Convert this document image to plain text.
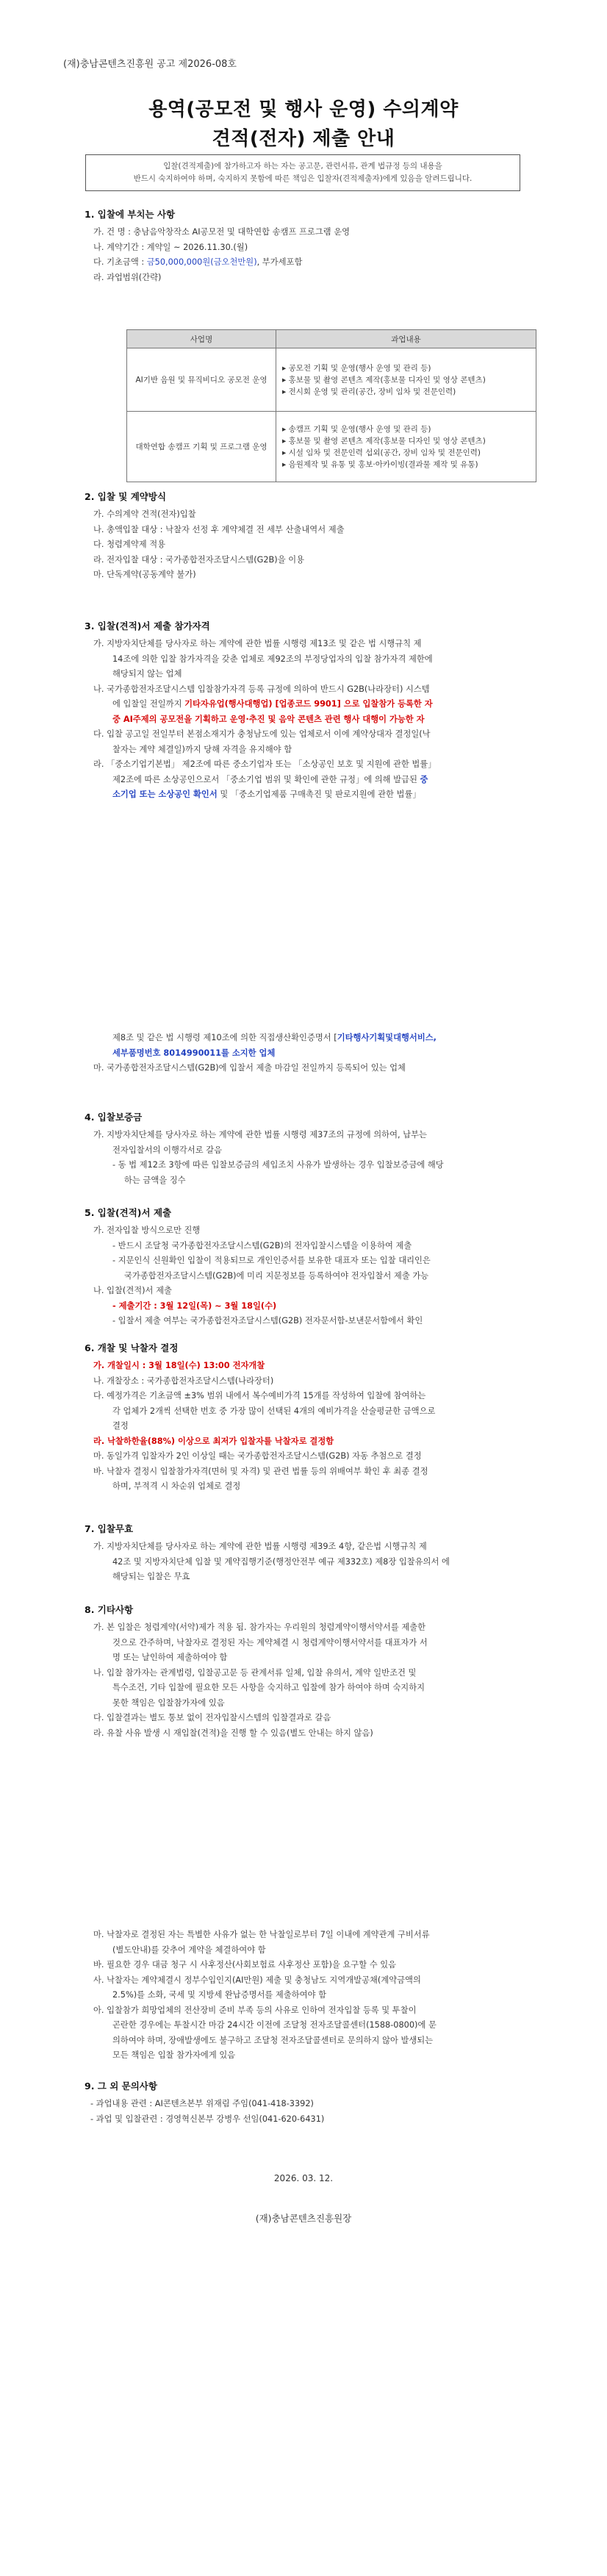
(재)충남콘텐츠진흥원 공고 제2026-08호
용역(공모전 및 행사 운영) 수의계약
견적(전자) 제출 안내
입찰(견적제출)에 참가하고자 하는 자는 공고문, 관련서류, 관계 법규정 등의 내용을
반드시 숙지하여야 하며, 숙지하지 못함에 따른 책임은 입찰자(견적제출자)에게 있음을 알려드립니다.
1. 입찰에 부치는 사항
가. 건 명 : 충남음악창작소 AI공모전 및 대학연합 송캠프 프로그램 운영
나. 계약기간 : 계약일 ~ 2026.11.30.(월)
다. 기초금액 : 금50,000,000원(금오천만원), 부가세포함
라. 과업범위(간략)
사업명	과업내용
AI기반 음원 및 뮤직비디오 공모전 운영	▸ 공모전 기획 및 운영(행사 운영 및 관리 등)
▸ 홍보물 및 촬영 콘텐츠 제작(홍보물 디자인 및 영상 콘텐츠)
▸ 전시회 운영 및 관리(공간, 장비 임차 및 전문인력)

대학연합 송캠프 기획 및 프로그램 운영	▸ 송캠프 기획 및 운영(행사 운영 및 관리 등)
▸ 홍보물 및 촬영 콘텐츠 제작(홍보물 디자인 및 영상 콘텐츠)
▸ 시설 임차 및 전문인력 섭외(공간, 장비 임차 및 전문인력)
▸ 음원제작 및 유통 및 홍보·아카이빙(결과물 제작 및 유통)
2. 입찰 및 계약방식
가. 수의계약 견적(전자)입찰
나. 총액입찰 대상 : 낙찰자 선정 후 계약체결 전 세부 산출내역서 제출
다. 청렴계약제 적용
라. 전자입찰 대상 : 국가종합전자조달시스템(G2B)을 이용
마. 단독계약(공동계약 불가)
3. 입찰(견적)서 제출 참가자격
가. 지방자치단체를 당사자로 하는 계약에 관한 법률 시행령 제13조 및 같은 법 시행규칙 제
14조에 의한 입찰 참가자격을 갖춘 업체로 제92조의 부정당업자의 입찰 참가자격 제한에
해당되지 않는 업체
나. 국가종합전자조달시스템 입찰참가자격 등록 규정에 의하여 반드시 G2B(나라장터) 시스템
에 입찰일 전일까지 기타자유업(행사대행업) [업종코드 9901] 으로 입찰참가 등록한 자
중 AI주제의 공모전을 기획하고 운영·추진 및 음악 콘텐츠 관련 행사 대행이 가능한 자
다. 입찰 공고일 전일부터 본점소재지가 충청남도에 있는 업체로서 이에 계약상대자 결정일(낙
찰자는 계약 체결일)까지 당해 자격을 유지해야 함
라. 「중소기업기본법」 제2조에 따른 중소기업자 또는 「소상공인 보호 및 지원에 관한 법률」
제2조에 따른 소상공인으로서 「중소기업 범위 및 확인에 관한 규정」에 의해 발급된 중
소기업 또는 소상공인 확인서 및 「중소기업제품 구매촉진 및 판로지원에 관한 법률」
제8조 및 같은 법 시행령 제10조에 의한 직접생산확인증명서 [기타행사기획및대행서비스,
세부품명번호 8014990011를 소지한 업체
마. 국가종합전자조달시스템(G2B)에 입찰서 제출 마감일 전일까지 등록되어 있는 업체
4. 입찰보증금
가. 지방자치단체를 당사자로 하는 계약에 관한 법률 시행령 제37조의 규정에 의하여, 납부는
전자입찰서의 이행각서로 갈음
- 동 법 제12조 3항에 따른 입찰보증금의 세입조치 사유가 발생하는 경우 입찰보증금에 해당
하는 금액을 징수
5. 입찰(견적)서 제출
가. 전자입찰 방식으로만 진행
- 반드시 조달청 국가종합전자조달시스템(G2B)의 전자입찰시스템을 이용하여 제출
- 지문인식 신원확인 입찰이 적용되므로 개인인증서를 보유한 대표자 또는 입찰 대리인은
국가종합전자조달시스템(G2B)에 미리 지문정보를 등록하여야 전자입찰서 제출 가능
나. 입찰(견적)서 제출
- 제출기간 : 3월 12일(목) ~ 3월 18일(수)
- 입찰서 제출 여부는 국가종합전자조달시스템(G2B) 전자문서함-보낸문서함에서 확인
6. 개찰 및 낙찰자 결정
가. 개찰일시 : 3월 18일(수) 13:00 전자개찰
나. 개찰장소 : 국가종합전자조달시스템(나라장터)
다. 예정가격은 기초금액 ±3% 범위 내에서 복수예비가격 15개를 작성하여 입찰에 참여하는
각 업체가 2개씩 선택한 번호 중 가장 많이 선택된 4개의 예비가격을 산술평균한 금액으로
결정
라. 낙찰하한율(88%) 이상으로 최저가 입찰자를 낙찰자로 결정함
마. 동일가격 입찰자가 2인 이상일 때는 국가종합전자조달시스템(G2B) 자동 추첨으로 결정
바. 낙찰자 결정시 입찰참가자격(면허 및 자격) 및 관련 법률 등의 위배여부 확인 후 최종 결정
하며, 부적격 시 차순위 업체로 결정
7. 입찰무효
가. 지방자치단체를 당사자로 하는 계약에 관한 법률 시행령 제39조 4항, 같은법 시행규칙 제
42조 및 지방자치단체 입찰 및 계약집행기준(행정안전부 예규 제332호) 제8장 입찰유의서 에
해당되는 입찰은 무효
8. 기타사항
가. 본 입찰은 청렴계약(서약)제가 적용 됨. 참가자는 우리원의 청렴계약이행서약서를 제출한
것으로 간주하며, 낙찰자로 결정된 자는 계약체결 시 청렴계약이행서약서를 대표자가 서
명 또는 날인하여 제출하여야 함
나. 입찰 참가자는 관계법령, 입찰공고문 등 관계서류 일체, 입찰 유의서, 계약 일반조건 및
특수조건, 기타 입찰에 필요한 모든 사항을 숙지하고 입찰에 참가 하여야 하며 숙지하지
못한 책임은 입찰참가자에 있음
다. 입찰결과는 별도 통보 없이 전자입찰시스템의 입찰결과로 갈음
라. 유찰 사유 발생 시 재입찰(견적)을 진행 할 수 있음(별도 안내는 하지 않음)
마. 낙찰자로 결정된 자는 특별한 사유가 없는 한 낙찰일로부터 7일 이내에 계약관계 구비서류
(별도안내)를 갖추어 계약을 체결하여야 함
바. 필요한 경우 대금 청구 시 사후정산(사회보험료 사후정산 포함)을 요구할 수 있음
사. 낙찰자는 계약체결시 정부수입인지(AI만원) 제출 및 충청남도 지역개발공채(계약금액의
2.5%)를 소화, 국세 및 지방세 완납증명서를 제출하여야 함
아. 입찰참가 희망업체의 전산장비 준비 부족 등의 사유로 인하여 전자입찰 등록 및 투찰이
곤란한 경우에는 투찰시간 마감 24시간 이전에 조달청 전자조달콜센터(1588-0800)에 문
의하여야 하며, 장애발생에도 불구하고 조달청 전자조달콜센터로 문의하지 않아 발생되는
모든 책임은 입찰 참가자에게 있음
9. 그 외 문의사항
- 과업내용 관련 : AI콘텐츠본부 위재림 주임(041-418-3392)
- 과업 및 입찰관련 : 경영혁신본부 강병우 선임(041-620-6431)
2026. 03. 12.
(재)충남콘텐츠진흥원장
